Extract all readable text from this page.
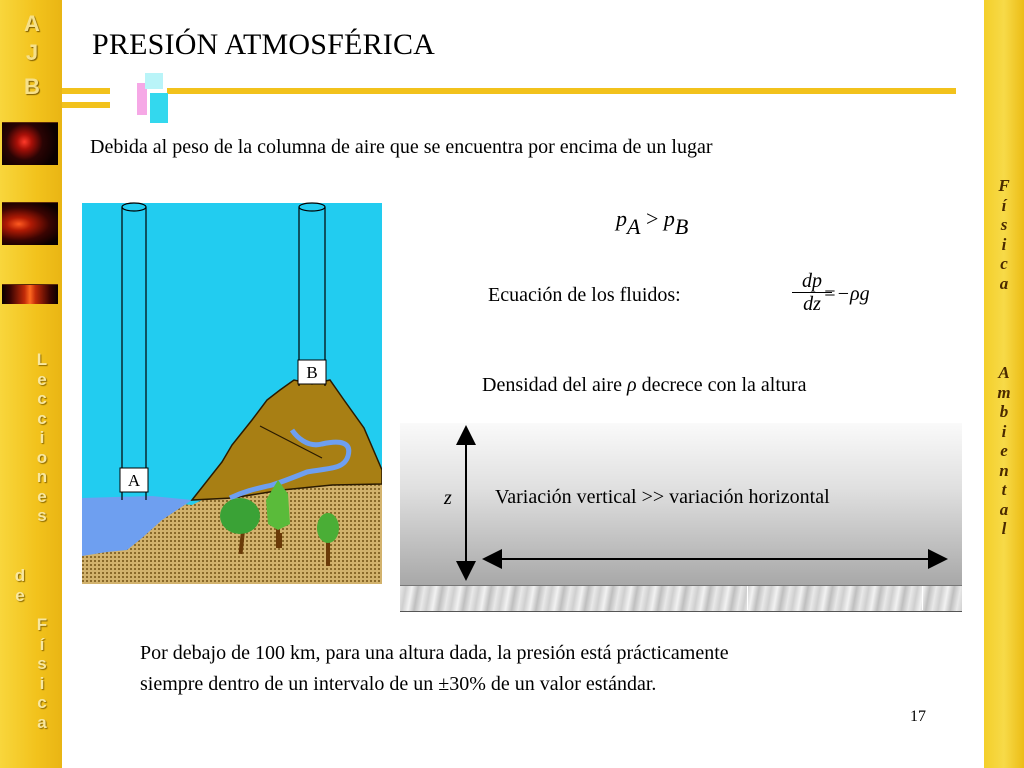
A
J
B
L
e
c
c
i
o
n
e
s
d
e
F
í
s
i
c
a
F
í
s
i
c
a
A
m
b
i
e
n
t
a
l
PRESIÓN ATMOSFÉRICA
Debida al peso de la columna de aire que se encuentra por encima de un lugar
A
B
pA > pB
Ecuación de los fluidos:	$\frac{dp}{dz}$
=−ρg
Densidad del aire ρ decrece con la altura
z Variación vertical >> variación horizontal
Por debajo de 100 km, para una altura dada, la presión está prácticamente
siempre dentro de un intervalo de un ±30% de un valor estándar.
17
